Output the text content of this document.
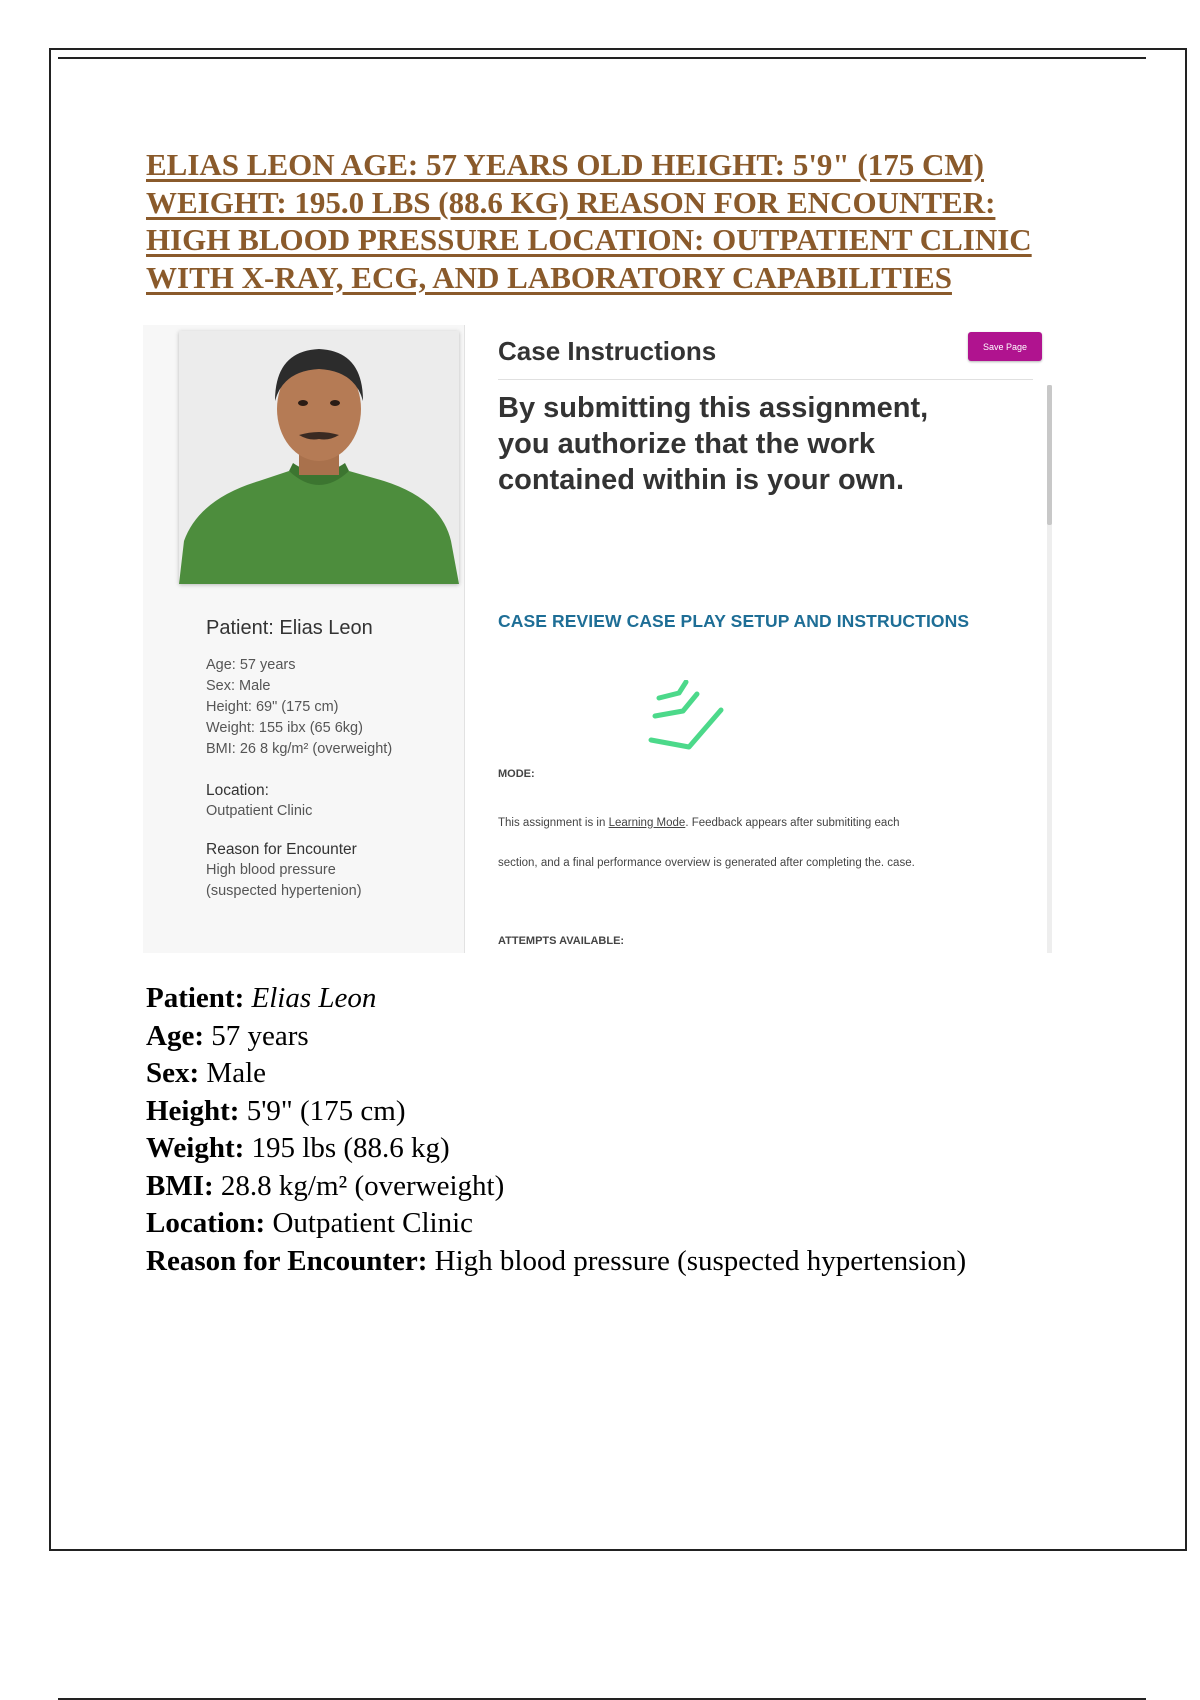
ELIAS LEON AGE: 57 YEARS OLD HEIGHT: 5'9" (175 CM)
WEIGHT: 195.0 LBS (88.6 KG) REASON FOR ENCOUNTER:
HIGH BLOOD PRESSURE LOCATION: OUTPATIENT CLINIC
WITH X-RAY, ECG, AND LABORATORY CAPABILITIES

Patient: Elias Leon

Age: 57 years

Sex: Male

Height: 69" (175 cm)

Weight: 155 ibx (65 6kg)

BMI: 26 8 kg/m² (overweight)

Location:

Outpatient Clinic

Reason for Encounter

High blood pressure

(suspected hypertenion)

Case Instructions	Save Page

By submitting this assignment, you authorize that the work contained within is your own.

CASE REVIEW CASE PLAY SETUP AND INSTRUCTIONS

MODE:

This assignment is in Learning Mode. Feedback appears after submititing each

section, and a final performance overview is generated after completing the. case.

ATTEMPTS AVAILABLE:

Patient: Elias Leon
Age: 57 years
Sex: Male
Height: 5'9" (175 cm)
Weight: 195 lbs (88.6 kg)
BMI: 28.8 kg/m² (overweight)
Location: Outpatient Clinic
Reason for Encounter: High blood pressure (suspected hypertension)
